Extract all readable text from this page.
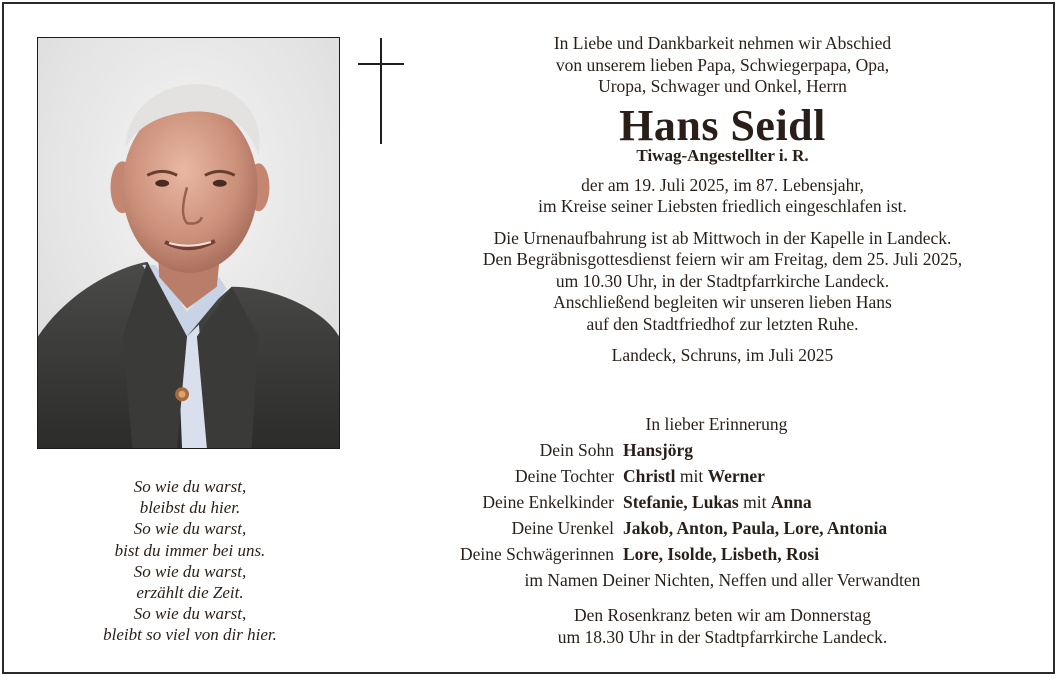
So wie du warst,
bleibst du hier.
So wie du warst,
bist du immer bei uns.
So wie du warst,
erzählt die Zeit.
So wie du warst,
bleibt so viel von dir hier.
In Liebe und Dankbarkeit nehmen wir Abschied
von unserem lieben Papa, Schwiegerpapa, Opa,
Uropa, Schwager und Onkel, Herrn
Hans Seidl
Tiwag-Angestellter i. R.
der am 19. Juli 2025, im 87. Lebensjahr,
im Kreise seiner Liebsten friedlich eingeschlafen ist.
Die Urnenaufbahrung ist ab Mittwoch in der Kapelle in Landeck.
Den Begräbnisgottesdienst feiern wir am Freitag, dem 25. Juli 2025,
um 10.30 Uhr, in der Stadtpfarrkirche Landeck.
Anschließend begleiten wir unseren lieben Hans
auf den Stadtfriedhof zur letzten Ruhe.
Landeck, Schruns, im Juli 2025
In lieber Erinnerung
Dein Sohn Hansjörg
Deine Tochter Christl mit Werner
Deine Enkelkinder Stefanie, Lukas mit Anna
Deine Urenkel Jakob, Anton, Paula, Lore, Antonia
Deine Schwägerinnen Lore, Isolde, Lisbeth, Rosi
im Namen Deiner Nichten, Neffen und aller Verwandten
Den Rosenkranz beten wir am Donnerstag
um 18.30 Uhr in der Stadtpfarrkirche Landeck.
